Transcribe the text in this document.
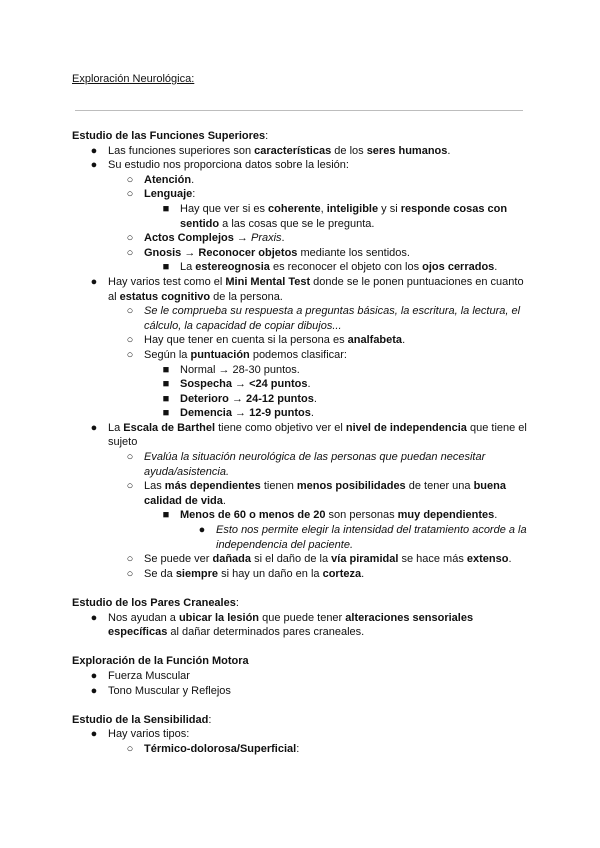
Exploración Neurológica:

Estudio de las Funciones Superiores:

● Las funciones superiores son características de los seres humanos.
● Su estudio nos proporciona datos sobre la lesión:
○ Atención.
○ Lenguaje:
■ Hay que ver si es coherente, inteligible y si responde cosas con sentido a las cosas que se le pregunta.
○ Actos Complejos → Praxis.
○ Gnosis → Reconocer objetos mediante los sentidos.
■ La estereognosia es reconocer el objeto con los ojos cerrados.
● Hay varios test como el Mini Mental Test donde se le ponen puntuaciones en cuanto al estatus cognitivo de la persona.
○ Se le comprueba su respuesta a preguntas básicas, la escritura, la lectura, el cálculo, la capacidad de copiar dibujos...
○ Hay que tener en cuenta si la persona es analfabeta.
○ Según la puntuación podemos clasificar:
■ Normal → 28-30 puntos.
■ Sospecha → <24 puntos.
■ Deterioro → 24-12 puntos.
■ Demencia → 12-9 puntos.
● La Escala de Barthel tiene como objetivo ver el nivel de independencia que tiene el sujeto
○ Evalúa la situación neurológica de las personas que puedan necesitar ayuda/asistencia.
○ Las más dependientes tienen menos posibilidades de tener una buena calidad de vida.
■ Menos de 60 o menos de 20 son personas muy dependientes.
● Esto nos permite elegir la intensidad del tratamiento acorde a la independencia del paciente.
○ Se puede ver dañada si el daño de la vía piramidal se hace más extenso.
○ Se da siempre si hay un daño en la corteza.

Estudio de los Pares Craneales:

● Nos ayudan a ubicar la lesión que puede tener alteraciones sensoriales específicas al dañar determinados pares craneales.

Exploración de la Función Motora

● Fuerza Muscular
● Tono Muscular y Reflejos

Estudio de la Sensibilidad:

● Hay varios tipos:
○ Térmico-dolorosa/Superficial:
